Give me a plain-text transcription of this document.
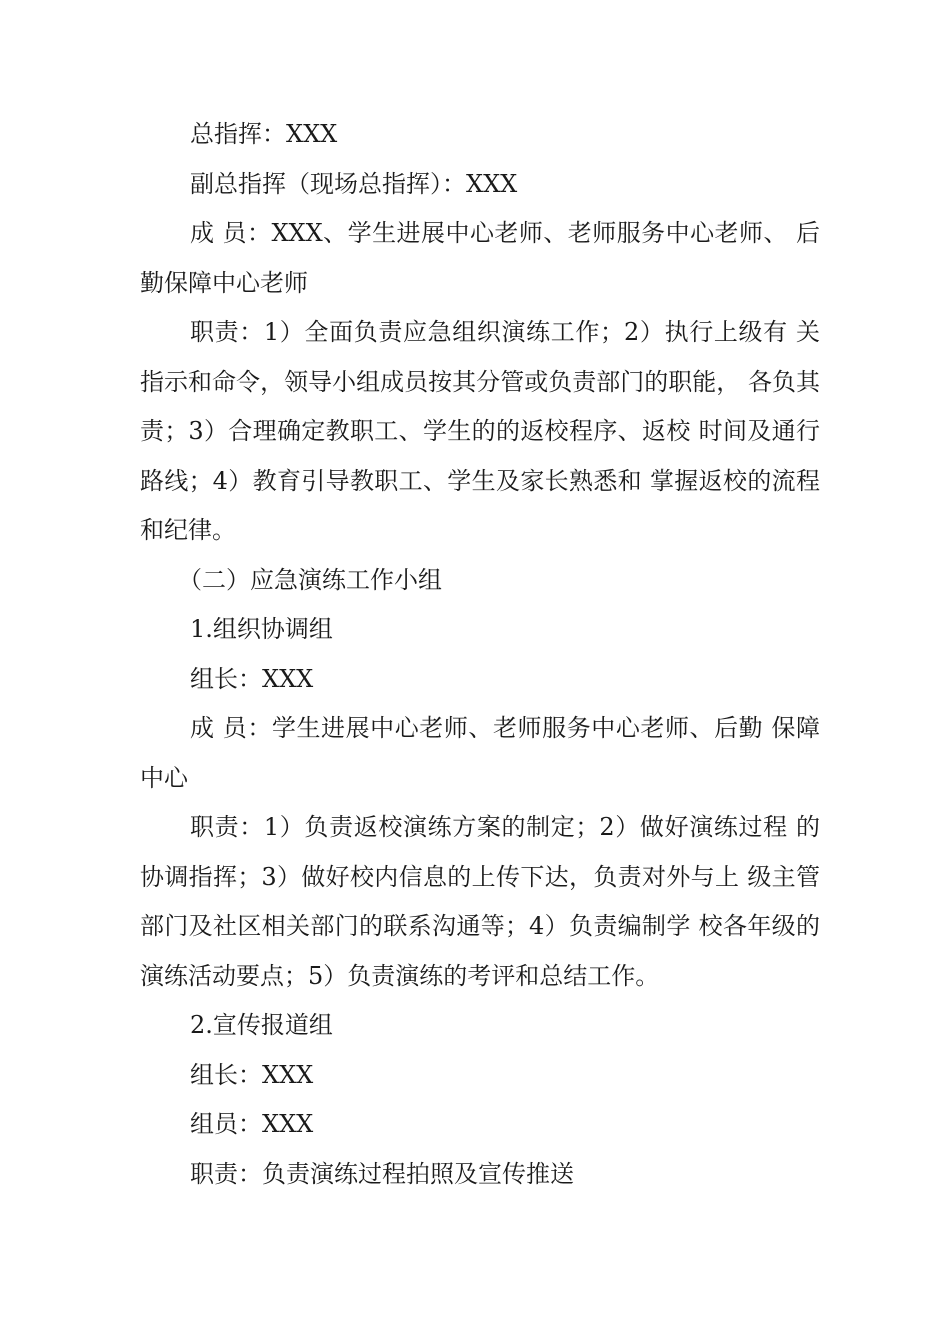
总指挥：XXX

副总指挥（现场总指挥）：XXX

成 员：XXX、学生进展中心老师、老师服务中心老师、 后勤保障中心老师

职责：1）全面负责应急组织演练工作；2）执行上级有 关指示和命令，领导小组成员按其分管或负责部门的职能， 各负其责；3）合理确定教职工、学生的的返校程序、返校 时间及通行路线；4）教育引导教职工、学生及家长熟悉和 掌握返校的流程和纪律。

（二）应急演练工作小组

1.组织协调组

组长：XXX

成 员：学生进展中心老师、老师服务中心老师、后勤 保障中心

职责：1）负责返校演练方案的制定；2）做好演练过程 的协调指挥；3）做好校内信息的上传下达，负责对外与上 级主管部门及社区相关部门的联系沟通等；4）负责编制学 校各年级的演练活动要点；5）负责演练的考评和总结工作。

2.宣传报道组

组长：XXX

组员：XXX

职责：负责演练过程拍照及宣传推送
